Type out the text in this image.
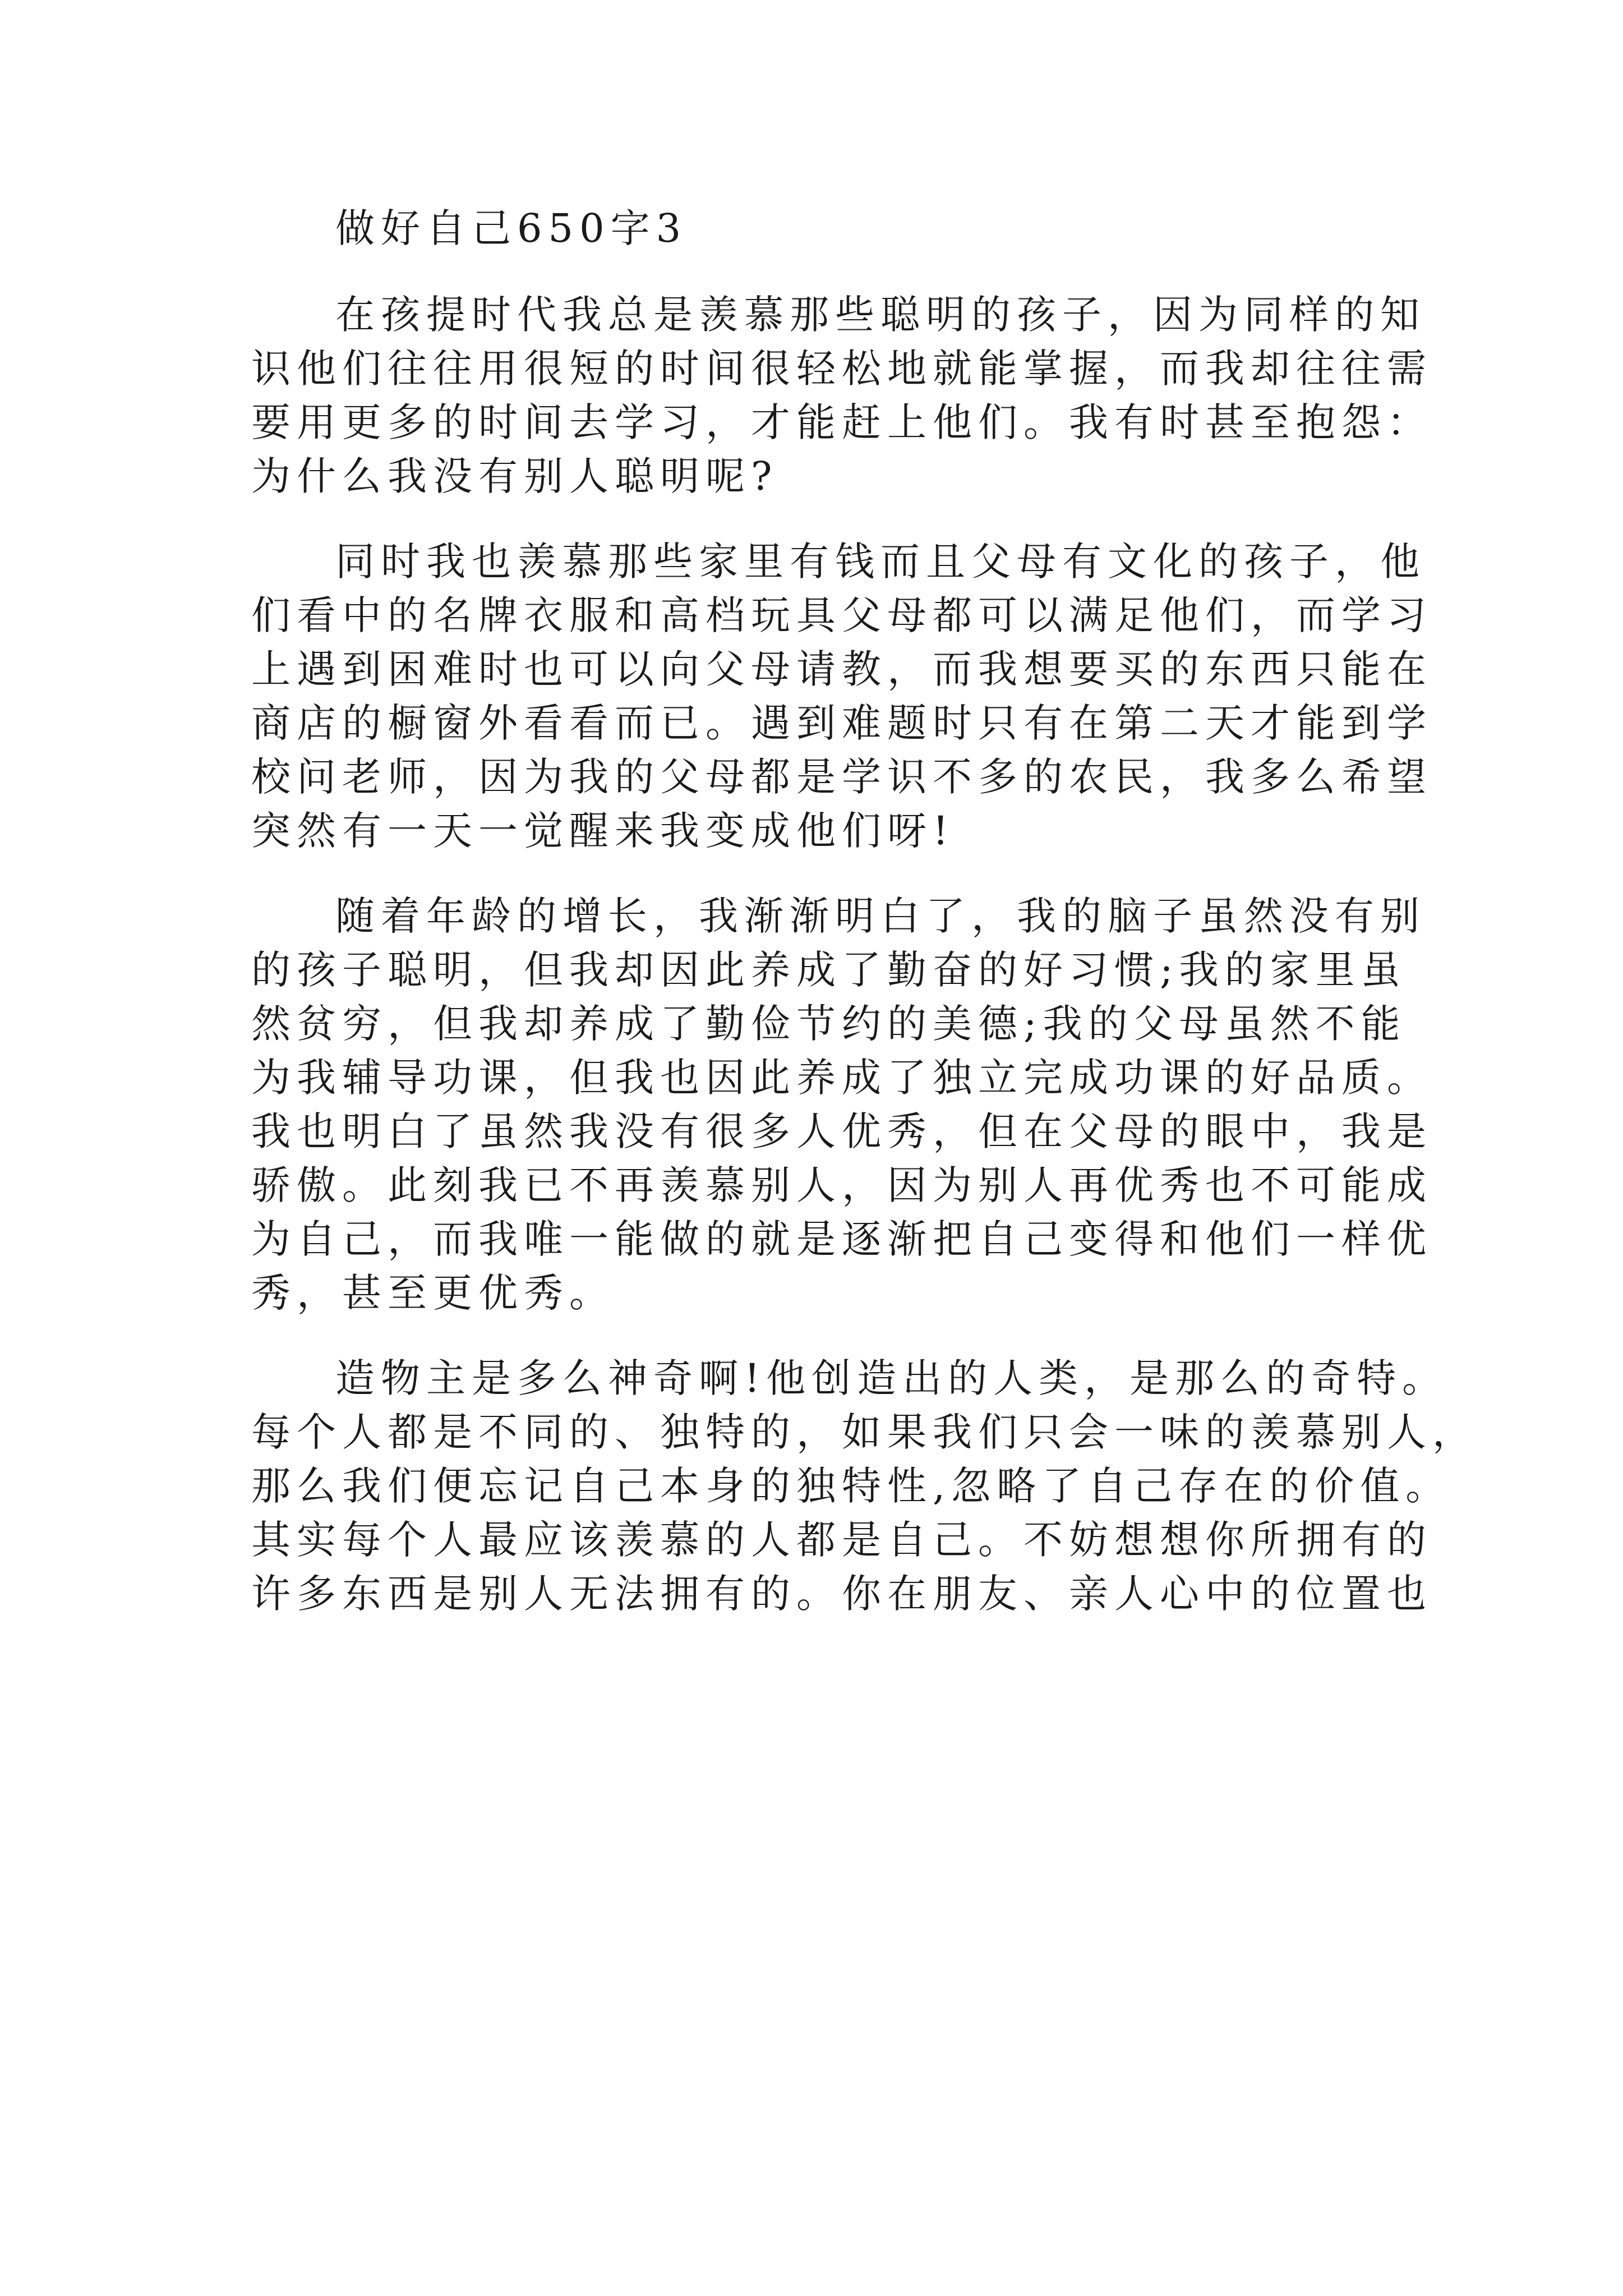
做好自己650字3
在孩提时代我总是羡慕那些聪明的孩子，因为同样的知
识他们往往用很短的时间很轻松地就能掌握，而我却往往需
要用更多的时间去学习，才能赶上他们。我有时甚至抱怨：
为什么我没有别人聪明呢?
同时我也羡慕那些家里有钱而且父母有文化的孩子，他
们看中的名牌衣服和高档玩具父母都可以满足他们，而学习
上遇到困难时也可以向父母请教，而我想要买的东西只能在
商店的橱窗外看看而已。遇到难题时只有在第二天才能到学
校问老师，因为我的父母都是学识不多的农民，我多么希望
突然有一天一觉醒来我变成他们呀!
随着年龄的增长，我渐渐明白了，我的脑子虽然没有别
的孩子聪明，但我却因此养成了勤奋的好习惯;我的家里虽
然贫穷，但我却养成了勤俭节约的美德;我的父母虽然不能
为我辅导功课，但我也因此养成了独立完成功课的好品质。
我也明白了虽然我没有很多人优秀，但在父母的眼中，我是
骄傲。此刻我已不再羡慕别人，因为别人再优秀也不可能成
为自己，而我唯一能做的就是逐渐把自己变得和他们一样优
秀，甚至更优秀。
造物主是多么神奇啊!他创造出的人类，是那么的奇特。
每个人都是不同的、独特的，如果我们只会一味的羡慕别人，
那么我们便忘记自己本身的独特性,忽略了自己存在的价值。
其实每个人最应该羡慕的人都是自己。不妨想想你所拥有的
许多东西是别人无法拥有的。你在朋友、亲人心中的位置也
